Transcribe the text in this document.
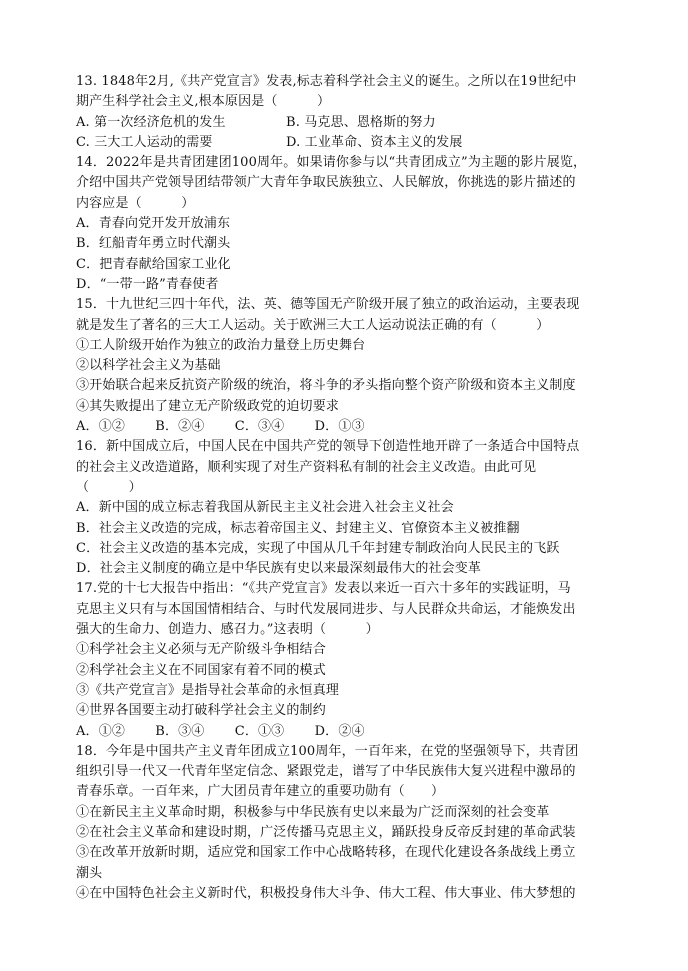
13. 1848年2月,《共产党宣言》发表,标志着科学社会主义的诞生。之所以在19世纪中
期产生科学社会主义,根本原因是（　　　）
A. 第一次经济危机的发生	B. 马克思、恩格斯的努力
C. 三大工人运动的需要	D. 工业革命、资本主义的发展
14．2022年是共青团建团100周年。如果请你参与以“共青团成立”为主题的影片展览，
介绍中国共产党领导团结带领广大青年争取民族独立、人民解放，你挑选的影片描述的
内容应是（　　　）
A．青春向党开发开放浦东
B．红船青年勇立时代潮头
C．把青春献给国家工业化
D．“一带一路”青春使者
15．十九世纪三四十年代，法、英、德等国无产阶级开展了独立的政治运动，主要表现
就是发生了著名的三大工人运动。关于欧洲三大工人运动说法正确的有（　　　）
①工人阶级开始作为独立的政治力量登上历史舞台
②以科学社会主义为基础
③开始联合起来反抗资产阶级的统治，将斗争的矛头指向整个资产阶级和资本主义制度
④其失败提出了建立无产阶级政党的迫切要求
A．①② B．②④ C．③④ D．①③
16．新中国成立后，中国人民在中国共产党的领导下创造性地开辟了一条适合中国特点
的社会主义改造道路，顺利实现了对生产资料私有制的社会主义改造。由此可见
（　　　）
A．新中国的成立标志着我国从新民主主义社会进入社会主义社会
B．社会主义改造的完成，标志着帝国主义、封建主义、官僚资本主义被推翻
C．社会主义改造的基本完成，实现了中国从几千年封建专制政治向人民民主的飞跃
D．社会主义制度的确立是中华民族有史以来最深刻最伟大的社会变革
17.党的十七大报告中指出：“《共产党宣言》发表以来近一百六十多年的实践证明，马
克思主义只有与本国国情相结合、与时代发展同进步、与人民群众共命运，才能焕发出
强大的生命力、创造力、感召力。”这表明（　　　）
①科学社会主义必须与无产阶级斗争相结合
②科学社会主义在不同国家有着不同的模式
③《共产党宣言》是指导社会革命的永恒真理
④世界各国要主动打破科学社会主义的制约
A．①② B．③④ C．①③ D．②④
18．今年是中国共产主义青年团成立100周年，一百年来，在党的坚强领导下，共青团
组织引导一代又一代青年坚定信念、紧跟党走，谱写了中华民族伟大复兴进程中激昂的
青春乐章。一百年来，广大团员青年建立的重要功勋有（　　）
①在新民主主义革命时期，积极参与中华民族有史以来最为广泛而深刻的社会变革
②在社会主义革命和建设时期，广泛传播马克思主义，踊跃投身反帝反封建的革命武装
③在改革开放新时期，适应党和国家工作中心战略转移，在现代化建设各条战线上勇立
潮头
④在中国特色社会主义新时代，积极投身伟大斗争、伟大工程、伟大事业、伟大梦想的
